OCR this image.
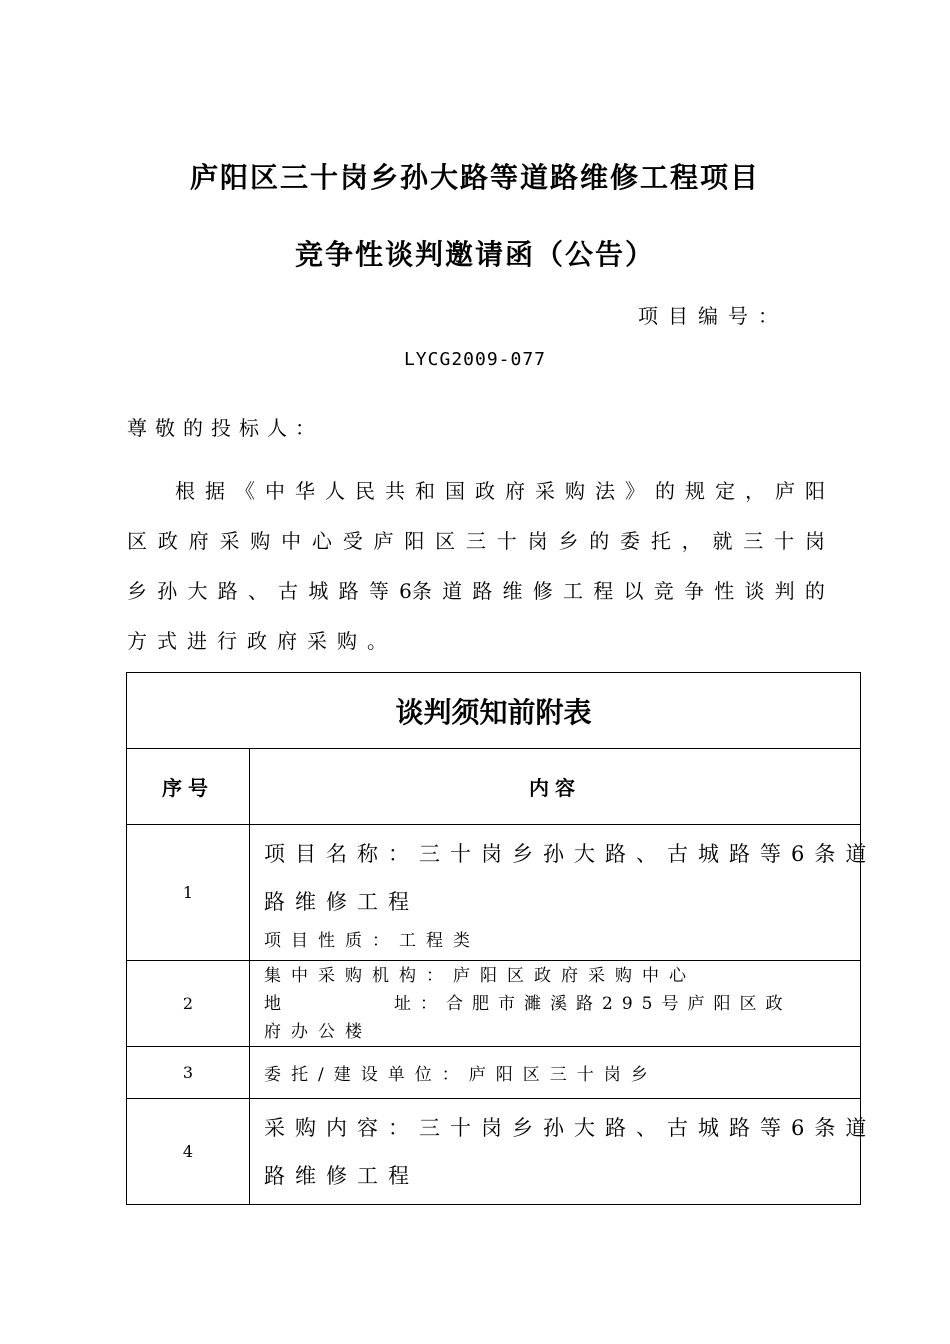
庐阳区三十岗乡孙大路等道路维修工程项目
竞争性谈判邀请函（公告）
项目编号：
LYCG2009-077
尊敬的投标人：
根 据 《 中 华 人 民 共 和 国 政 府 采 购 法 》 的 规 定 ， 庐 阳
区 政 府 采 购 中 心 受 庐 阳 区 三 十 岗 乡 的 委 托 ， 就 三 十 岗
乡 孙 大 路 、 古 城 路 等 6条 道 路 维 修 工 程 以 竞 争 性 谈 判 的
方式进行政府采购。
谈判须知前附表	
序号	内容
1	项目名称：三十岗乡孙大路、古城路等6条道
路维修工程
项目性质：工程类

2	集中采购机构：庐阳区政府采购中心
地　　　　址：合肥市濉溪路295号庐阳区政
府办公楼

3	委托/建设单位：庐阳区三十岗乡

4	采购内容：三十岗乡孙大路、古城路等6条道
路维修工程
